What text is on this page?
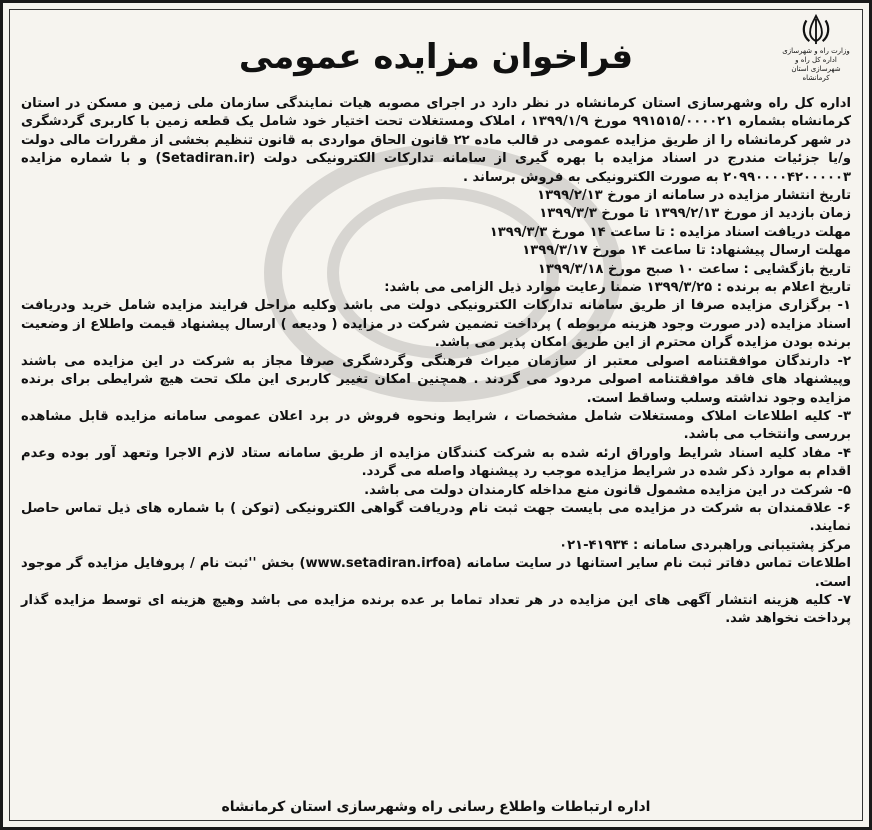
وزارت راه و شهرسازی
اداره کل راه و شهرسازی استان کرمانشاه
فراخوان مزایده عمومی

اداره کل راه وشهرسازی استان کرمانشاه در نظر دارد در اجرای مصوبه هیات نمایندگی سازمان ملی زمین و مسکن در استان کرمانشاه بشماره ۹۹۱۵۱۵/۰۰۰۰۲۱ مورخ ۱۳۹۹/۱/۹ ، املاک ومستغلات تحت اختیار خود شامل یک قطعه زمین با کاربری گردشگری در شهر کرمانشاه را از طریق مزایده عمومی در قالب ماده ۲۲ قانون الحاق مواردی به قانون تنظیم بخشی از مقررات مالی دولت و/یا جزئیات مندرج در اسناد مزایده با بهره گیری از سامانه تدارکات الکترونیکی دولت (Setadiran.ir) و با شماره مزایده ۲۰۹۹۰۰۰۰۴۲۰۰۰۰۰۳ به صورت الکترونیکی به فروش برساند .

تاریخ انتشار مزایده در سامانه از مورخ ۱۳۹۹/۲/۱۳

زمان بازدید از مورخ ۱۳۹۹/۲/۱۳ تا مورخ ۱۳۹۹/۳/۳

مهلت دریافت اسناد مزایده : تا ساعت ۱۴ مورخ ۱۳۹۹/۳/۳

مهلت ارسال پیشنهاد: تا ساعت ۱۴ مورخ ۱۳۹۹/۳/۱۷

تاریخ بازگشایی : ساعت ۱۰ صبح مورخ ۱۳۹۹/۳/۱۸

تاریخ اعلام به برنده : ۱۳۹۹/۳/۲۵ ضمنا رعایت موارد ذیل الزامی می باشد:

۱- برگزاری مزایده صرفا از طریق سامانه تدارکات الکترونیکی دولت می باشد وکلیه مراحل فرایند مزایده شامل خرید ودریافت اسناد مزایده (در صورت وجود هزینه مربوطه ) پرداخت تضمین شرکت در مزایده ( ودیعه ) ارسال پیشنهاد قیمت واطلاع از وضعیت برنده بودن مزایده گران محترم از این طریق امکان پذیر می باشد.

۲- دارندگان موافقتنامه اصولی معتبر از سازمان میراث فرهنگی وگردشگری صرفا مجاز به شرکت در این مزایده می باشند وپیشنهاد های فاقد موافقتنامه اصولی مردود می گردند . همچنین امکان تغییر کاربری این ملک تحت هیچ شرایطی برای برنده مزایده وجود نداشته وسلب وساقط است.

۳- کلیه اطلاعات املاک ومستغلات شامل مشخصات ، شرایط ونحوه فروش در برد اعلان عمومی سامانه مزایده قابل مشاهده بررسی وانتخاب می باشد.

۴- مفاد کلیه اسناد شرایط واوراق ارئه شده به شرکت کنندگان مزایده از طریق سامانه ستاد لازم الاجرا وتعهد آور بوده وعدم اقدام به موارد ذکر شده در شرایط مزایده موجب رد پیشنهاد واصله می گردد.

۵- شرکت در این مزایده مشمول قانون منع مداخله کارمندان دولت می باشد.

۶- علاقمندان به شرکت در مزایده می بایست جهت ثبت نام ودریافت گواهی الکترونیکی (توکن ) با شماره های ذیل تماس حاصل نمایند.

مرکز پشتیبانی وراهبردی سامانه : ۴۱۹۳۴-۰۲۱

اطلاعات تماس دفاتر ثبت نام سایر استانها در سایت سامانه (www.setadiran.irfoa) بخش ''ثبت نام / پروفایل مزایده گر موجود است.

۷- کلیه هزینه انتشار آگهی های این مزایده در هر تعداد تماما بر عده برنده مزایده می باشد وهیچ هزینه ای توسط مزایده گذار پرداخت نخواهد شد.

اداره ارتباطات واطلاع رسانی راه وشهرسازی استان کرمانشاه
